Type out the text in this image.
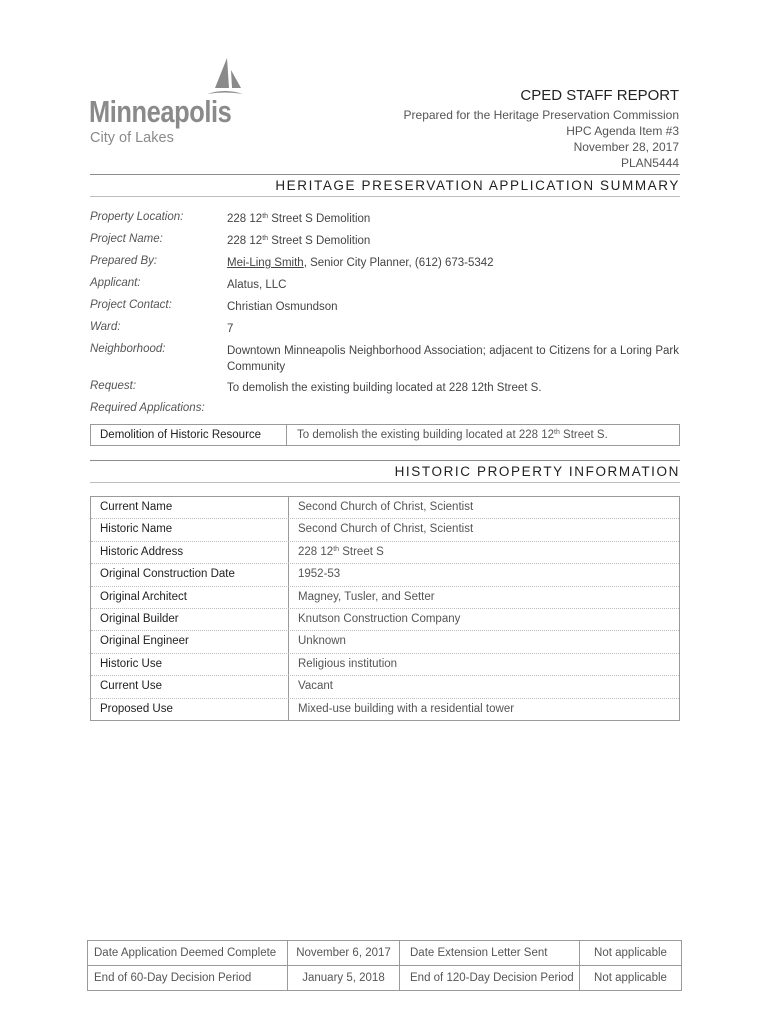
Minneapolis
City of Lakes
CPED STAFF REPORT
Prepared for the Heritage Preservation Commission
HPC Agenda Item #3
November 28, 2017
PLAN5444
HERITAGE PRESERVATION APPLICATION SUMMARY
Property Location:	228 12th Street S Demolition
Project Name:	228 12th Street S Demolition
Prepared By:	Mei-Ling Smith, Senior City Planner, (612) 673-5342
Applicant:	Alatus, LLC
Project Contact:	Christian Osmundson
Ward:	7
Neighborhood:	Downtown Minneapolis Neighborhood Association; adjacent to Citizens for a Loring Park Community
Request:	To demolish the existing building located at 228 12th Street S.
Required Applications:
Demolition of Historic Resource	To demolish the existing building located at 228 12th Street S.
HISTORIC PROPERTY INFORMATION
Current Name	Second Church of Christ, Scientist
Historic Name	Second Church of Christ, Scientist
Historic Address	228 12th Street S
Original Construction Date	1952-53
Original Architect	Magney, Tusler, and Setter
Original Builder	Knutson Construction Company
Original Engineer	Unknown
Historic Use	Religious institution
Current Use	Vacant
Proposed Use	Mixed-use building with a residential tower
Date Application Deemed Complete	November 6, 2017	Date Extension Letter Sent	Not applicable
End of 60-Day Decision Period	January 5, 2018	End of 120-Day Decision Period	Not applicable
